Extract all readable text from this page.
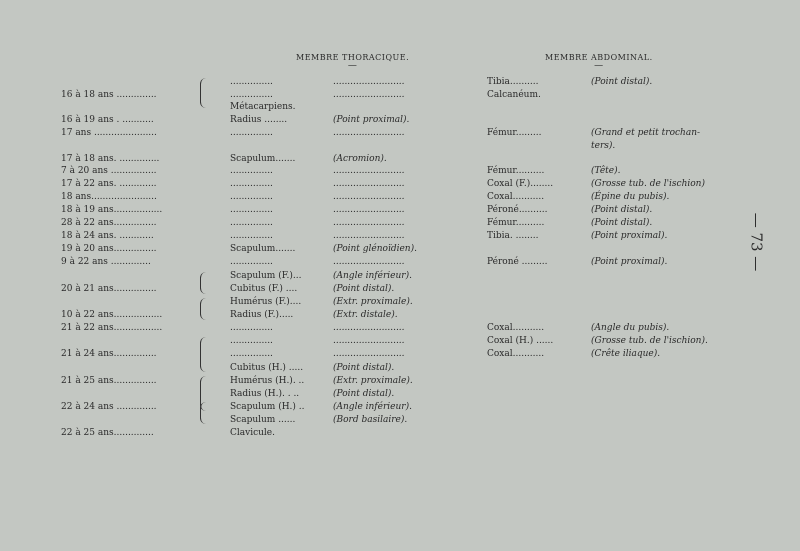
MEMBRE THORACIQUE.
—
MEMBRE ABDOMINAL.
—
— 73 —
...............	.........................	Tibia..........	(Point distal).
16 à 18 ans ..............	...............	.........................	Calcanéum.
Métacarpiens.
16 à 19 ans . ...........	Radius ........	(Point proximal).
17 ans ......................	...............	.........................	Fémur.........	(Grand et petit trochan-
ters).
17 à 18 ans. ..............	Scapulum.......	(Acromion).
7 à 20 ans ................	...............	.........................	Fémur..........	(Tête).
17 à 22 ans. .............	...............	.........................	Coxal (F.)........	(Grosse tub. de l'ischion)
18 ans.......................	...............	.........................	Coxal...........	(Épine du pubis).
18 à 19 ans.................	...............	.........................	Péroné..........	(Point distal).
28 à 22 ans...............	...............	.........................	Fémur..........	(Point distal).
18 à 24 ans. ............	...............	.........................	Tibia. ........	(Point proximal).
19 à 20 ans...............	Scapulum.......	(Point glénoïdien).
9 à 22 ans ..............	...............	.........................	Péroné .........	(Point proximal).
Scapulum (F.)...	(Angle inférieur).
20 à 21 ans...............	Cubitus (F.) ....	(Point distal).
Humérus (F.)....	(Extr. proximale).
10 à 22 ans.................	Radius (F.).....	(Extr. distale).
21 à 22 ans.................	...............	.........................	Coxal...........	(Angle du pubis).
...............	.........................	Coxal (H.) ......	(Grosse tub. de l'ischion).
21 à 24 ans...............	...............	.........................	Coxal...........	(Crête iliaque).
Cubitus (H.) .....	(Point distal).
21 à 25 ans...............	Humérus (H.). ..	(Extr. proximale).
Radius (H.). . ..	(Point distal).
22 à 24 ans ..............	Scapulum (H.) ..	(Angle inférieur).
Scapulum ......	(Bord basilaire).
22 à 25 ans..............	Clavicule.
